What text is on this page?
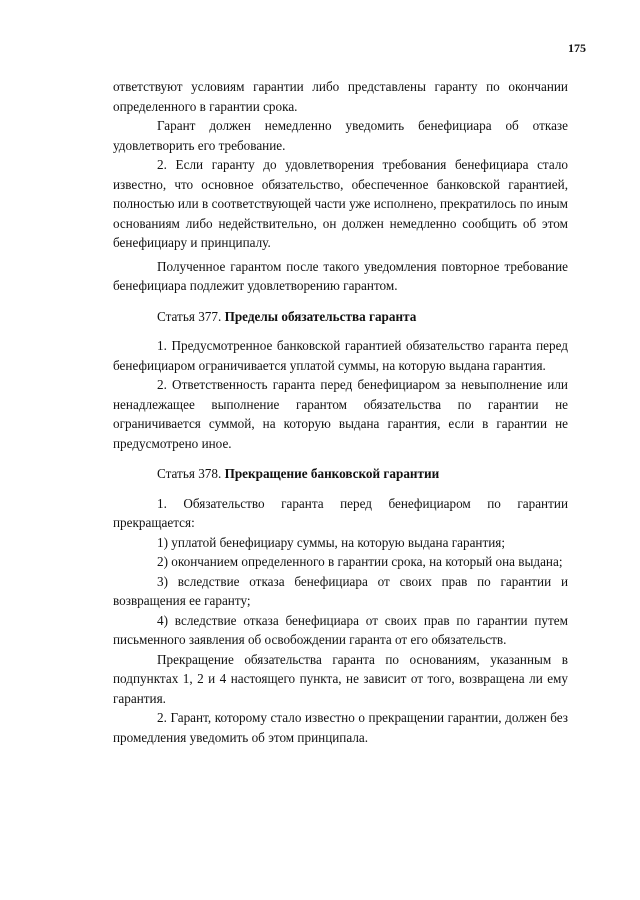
175

ответствуют условиям гарантии либо представлены гаранту по окончании определенного в гарантии срока.

Гарант должен немедленно уведомить бенефициара об отказе удовлетворить его требование.

2. Если гаранту до удовлетворения требования бенефициара стало известно, что основное обязательство, обеспеченное банковской гарантией, полностью или в соответствующей части уже исполнено, прекратилось по иным основаниям либо недействительно, он должен немедленно сообщить об этом бенефициару и принципалу.

Полученное гарантом после такого уведомления повторное требование бенефициара подлежит удовлетворению гарантом.

Статья 377. Пределы обязательства гаранта

1. Предусмотренное банковской гарантией обязательство гаранта перед бенефициаром ограничивается уплатой суммы, на которую выдана гарантия.

2. Ответственность гаранта перед бенефициаром за невыполнение или ненадлежащее выполнение гарантом обязательства по гарантии не ограничивается суммой, на которую выдана гарантия, если в гарантии не предусмотрено иное.

Статья 378. Прекращение банковской гарантии

1. Обязательство гаранта перед бенефициаром по гарантии прекращается:

1) уплатой бенефициару суммы, на которую выдана гарантия;

2) окончанием определенного в гарантии срока, на который она выдана;

3) вследствие отказа бенефициара от своих прав по гарантии и возвращения ее гаранту;

4) вследствие отказа бенефициара от своих прав по гарантии путем письменного заявления об освобождении гаранта от его обязательств.

Прекращение обязательства гаранта по основаниям, указанным в подпунктах 1, 2 и 4 настоящего пункта, не зависит от того, возвращена ли ему гарантия.

2. Гарант, которому стало известно о прекращении гарантии, должен без промедления уведомить об этом принципала.
